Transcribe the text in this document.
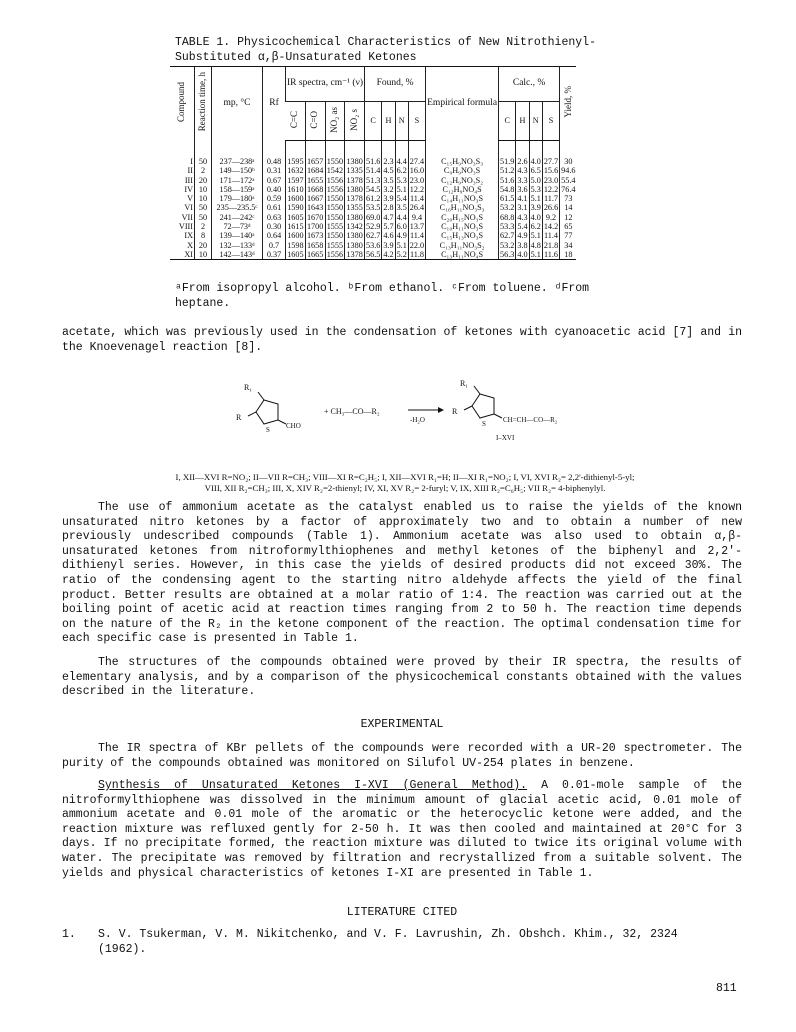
TABLE 1. Physicochemical Characteristics of New Nitrothienyl-
Substituted α,β-Unsaturated Ketones
Compound	Reaction time, h	mp, °C	Rf	IR spectra, cm⁻¹ (ν)				Found, %				Empirical formula	Calc., %				Yield, %
				C=C	C=O	NO₂ as	NO₂ s	C	H	N	S		C	H	N	S	
I	50	237—238ᵃ	0.48	1595	1657	1550	1380	51.6	2.3	4.4	27.4	C₁₅H₉NO₃S₃	51.9	2.6	4.0	27.7	30
II	2	149—150ᵇ	0.31	1632	1684	1542	1335	51.4	4.5	6.2	16.0	C₉H₉NO₃S	51.2	4.3	6.5	15.6	94.6
III	20	171—172ᵃ	0.67	1597	1655	1556	1378	51.3	3.5	5.3	23.0	C₁₂H₉NO₃S₂	51.6	3.3	5.0	23.0	55.4
IV	10	158—159ᵃ	0.40	1610	1668	1556	1380	54.5	3.2	5.1	12.2	C₁₂H₉NO₄S	54.8	3.6	5.3	12.2	76.4
V	10	179—180ᵃ	0.59	1600	1667	1550	1378	61.2	3.9	5.4	11.4	C₁₄H₁₁NO₃S	61.5	4.1	5.1	11.7	73
VI	50	235—235.5ᶜ	0.61	1590	1643	1550	1355	53.5	2.8	3.5	26.4	C₁₆H₁₁NO₃S₃	53.2	3.1	3.9	26.6	14
VII	50	241—242ᶜ	0.63	1605	1670	1550	1380	69.0	4.7	4.4	9.4	C₂₀H₁₅NO₃S	68.8	4.3	4.0	9.2	12
VIII	2	72—73ᵈ	0.30	1615	1700	1555	1342	52.9	5.7	6.0	13.7	C₁₀H₁₁NO₃S	53.3	5.4	6.2	14.2	65
IX	8	139—140ᵃ	0.64	1600	1673	1550	1380	62.7	4.6	4.9	11.4	C₁₅H₁₃NO₃S	62.7	4.9	5.1	11.4	77
X	20	132—133ᵈ	0.7	1598	1658	1555	1380	53.6	3.9	5.1	22.0	C₁₃H₁₁NO₃S₂	53.2	3.8	4.8	21.8	34
XI	10	142—143ᵈ	0.37	1605	1665	1556	1378	56.5	4.2	5.2	11.8	C₁₃H₁₁NO₄S	56.3	4.0	5.1	11.6	18
ᵃFrom isopropyl alcohol. ᵇFrom ethanol. ᶜFrom toluene. ᵈFrom
heptane.
acetate, which was previously used in the condensation of ketones with cyanoacetic acid [7] and in the Knoevenagel reaction [8].
R₁
R
S CHO
+ CH₃—CO—R₂
-H₂O
R₁
R
S CH=CH—CO—R₂
I–XVI
I, XII—XVI R=NO₂; II—VII R=CH₃; VIII—XI R=C₂H₅; I, XII—XVI R₁=H; II—XI R₁=NO₂; I, VI, XVI R₂= 2,2'-dithienyl-5-yl; VIII, XII R₂=CH₃; III, X, XIV R₂=2-thienyl; IV, XI, XV R₂= 2-furyl; V, IX, XIII R₂=C₆H₅; VII R₂= 4-biphenylyl.
The use of ammonium acetate as the catalyst enabled us to raise the yields of the known unsaturated nitro ketones by a factor of approximately two and to obtain a number of new previously undescribed compounds (Table 1). Ammonium acetate was also used to obtain α,β-unsaturated ketones from nitroformylthiophenes and methyl ketones of the biphenyl and 2,2'-dithienyl series. However, in this case the yields of desired products did not exceed 30%. The ratio of the condensing agent to the starting nitro aldehyde affects the yield of the final product. Better results are obtained at a molar ratio of 1:4. The reaction was carried out at the boiling point of acetic acid at reaction times ranging from 2 to 50 h. The reaction time depends on the nature of the R₂ in the ketone component of the reaction. The optimal condensation time for each specific case is presented in Table 1.
The structures of the compounds obtained were proved by their IR spectra, the results of elementary analysis, and by a comparison of the physicochemical constants obtained with the values described in the literature.
EXPERIMENTAL
The IR spectra of KBr pellets of the compounds were recorded with a UR-20 spectrometer. The purity of the compounds obtained was monitored on Silufol UV-254 plates in benzene.
Synthesis of Unsaturated Ketones I-XVI (General Method). A 0.01-mole sample of the nitroformylthiophene was dissolved in the minimum amount of glacial acetic acid, 0.01 mole of ammonium acetate and 0.01 mole of the aromatic or the heterocyclic ketone were added, and the reaction mixture was refluxed gently for 2-50 h. It was then cooled and maintained at 20°C for 3 days. If no precipitate formed, the reaction mixture was diluted to twice its original volume with water. The precipitate was removed by filtration and recrystallized from a suitable solvent. The yields and physical characteristics of ketones I-XI are presented in Table 1.
LITERATURE CITED
1. S. V. Tsukerman, V. M. Nikitchenko, and V. F. Lavrushin, Zh. Obshch. Khim., 32, 2324 (1962).
811
